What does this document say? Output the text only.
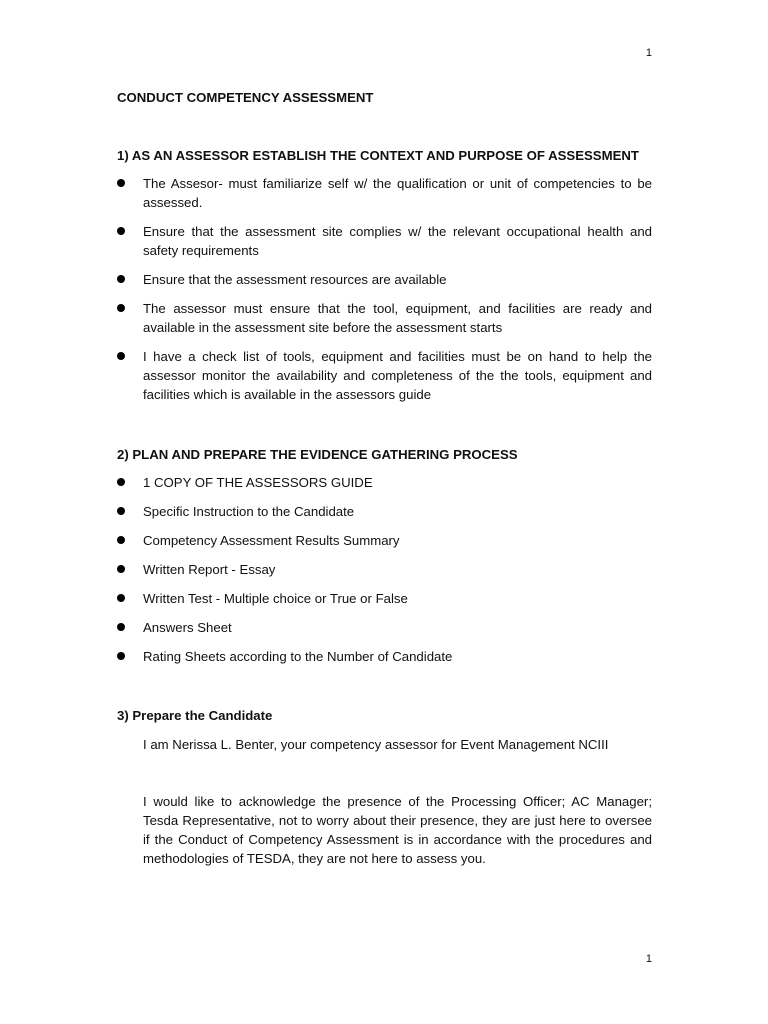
1
CONDUCT COMPETENCY ASSESSMENT
1) AS AN ASSESSOR ESTABLISH THE CONTEXT AND PURPOSE OF ASSESSMENT
The Assesor- must familiarize self w/ the qualification or unit of competencies to be assessed.
Ensure that the assessment site complies w/ the relevant occupational health and safety requirements
Ensure that the assessment resources are available
The assessor must ensure that the tool, equipment, and facilities are ready and available in the assessment site before the assessment starts
I have a check list of tools, equipment and facilities must be on hand to help the assessor monitor the availability and completeness of the the tools, equipment and facilities which is available in the assessors guide
2) PLAN AND PREPARE THE EVIDENCE GATHERING PROCESS
1 COPY OF THE ASSESSORS GUIDE
Specific Instruction to the Candidate
Competency Assessment Results Summary
Written Report - Essay
Written Test - Multiple choice or True or False
Answers Sheet
Rating Sheets according to the Number of Candidate
3) Prepare the Candidate

I am Nerissa L. Benter, your competency assessor for Event Management NCIII

I would like to acknowledge the presence of the Processing Officer; AC Manager; Tesda Representative, not to worry about their presence, they are just here to oversee if the Conduct of Competency Assessment is in accordance with the procedures and methodologies of TESDA, they are not here to assess you.

1
